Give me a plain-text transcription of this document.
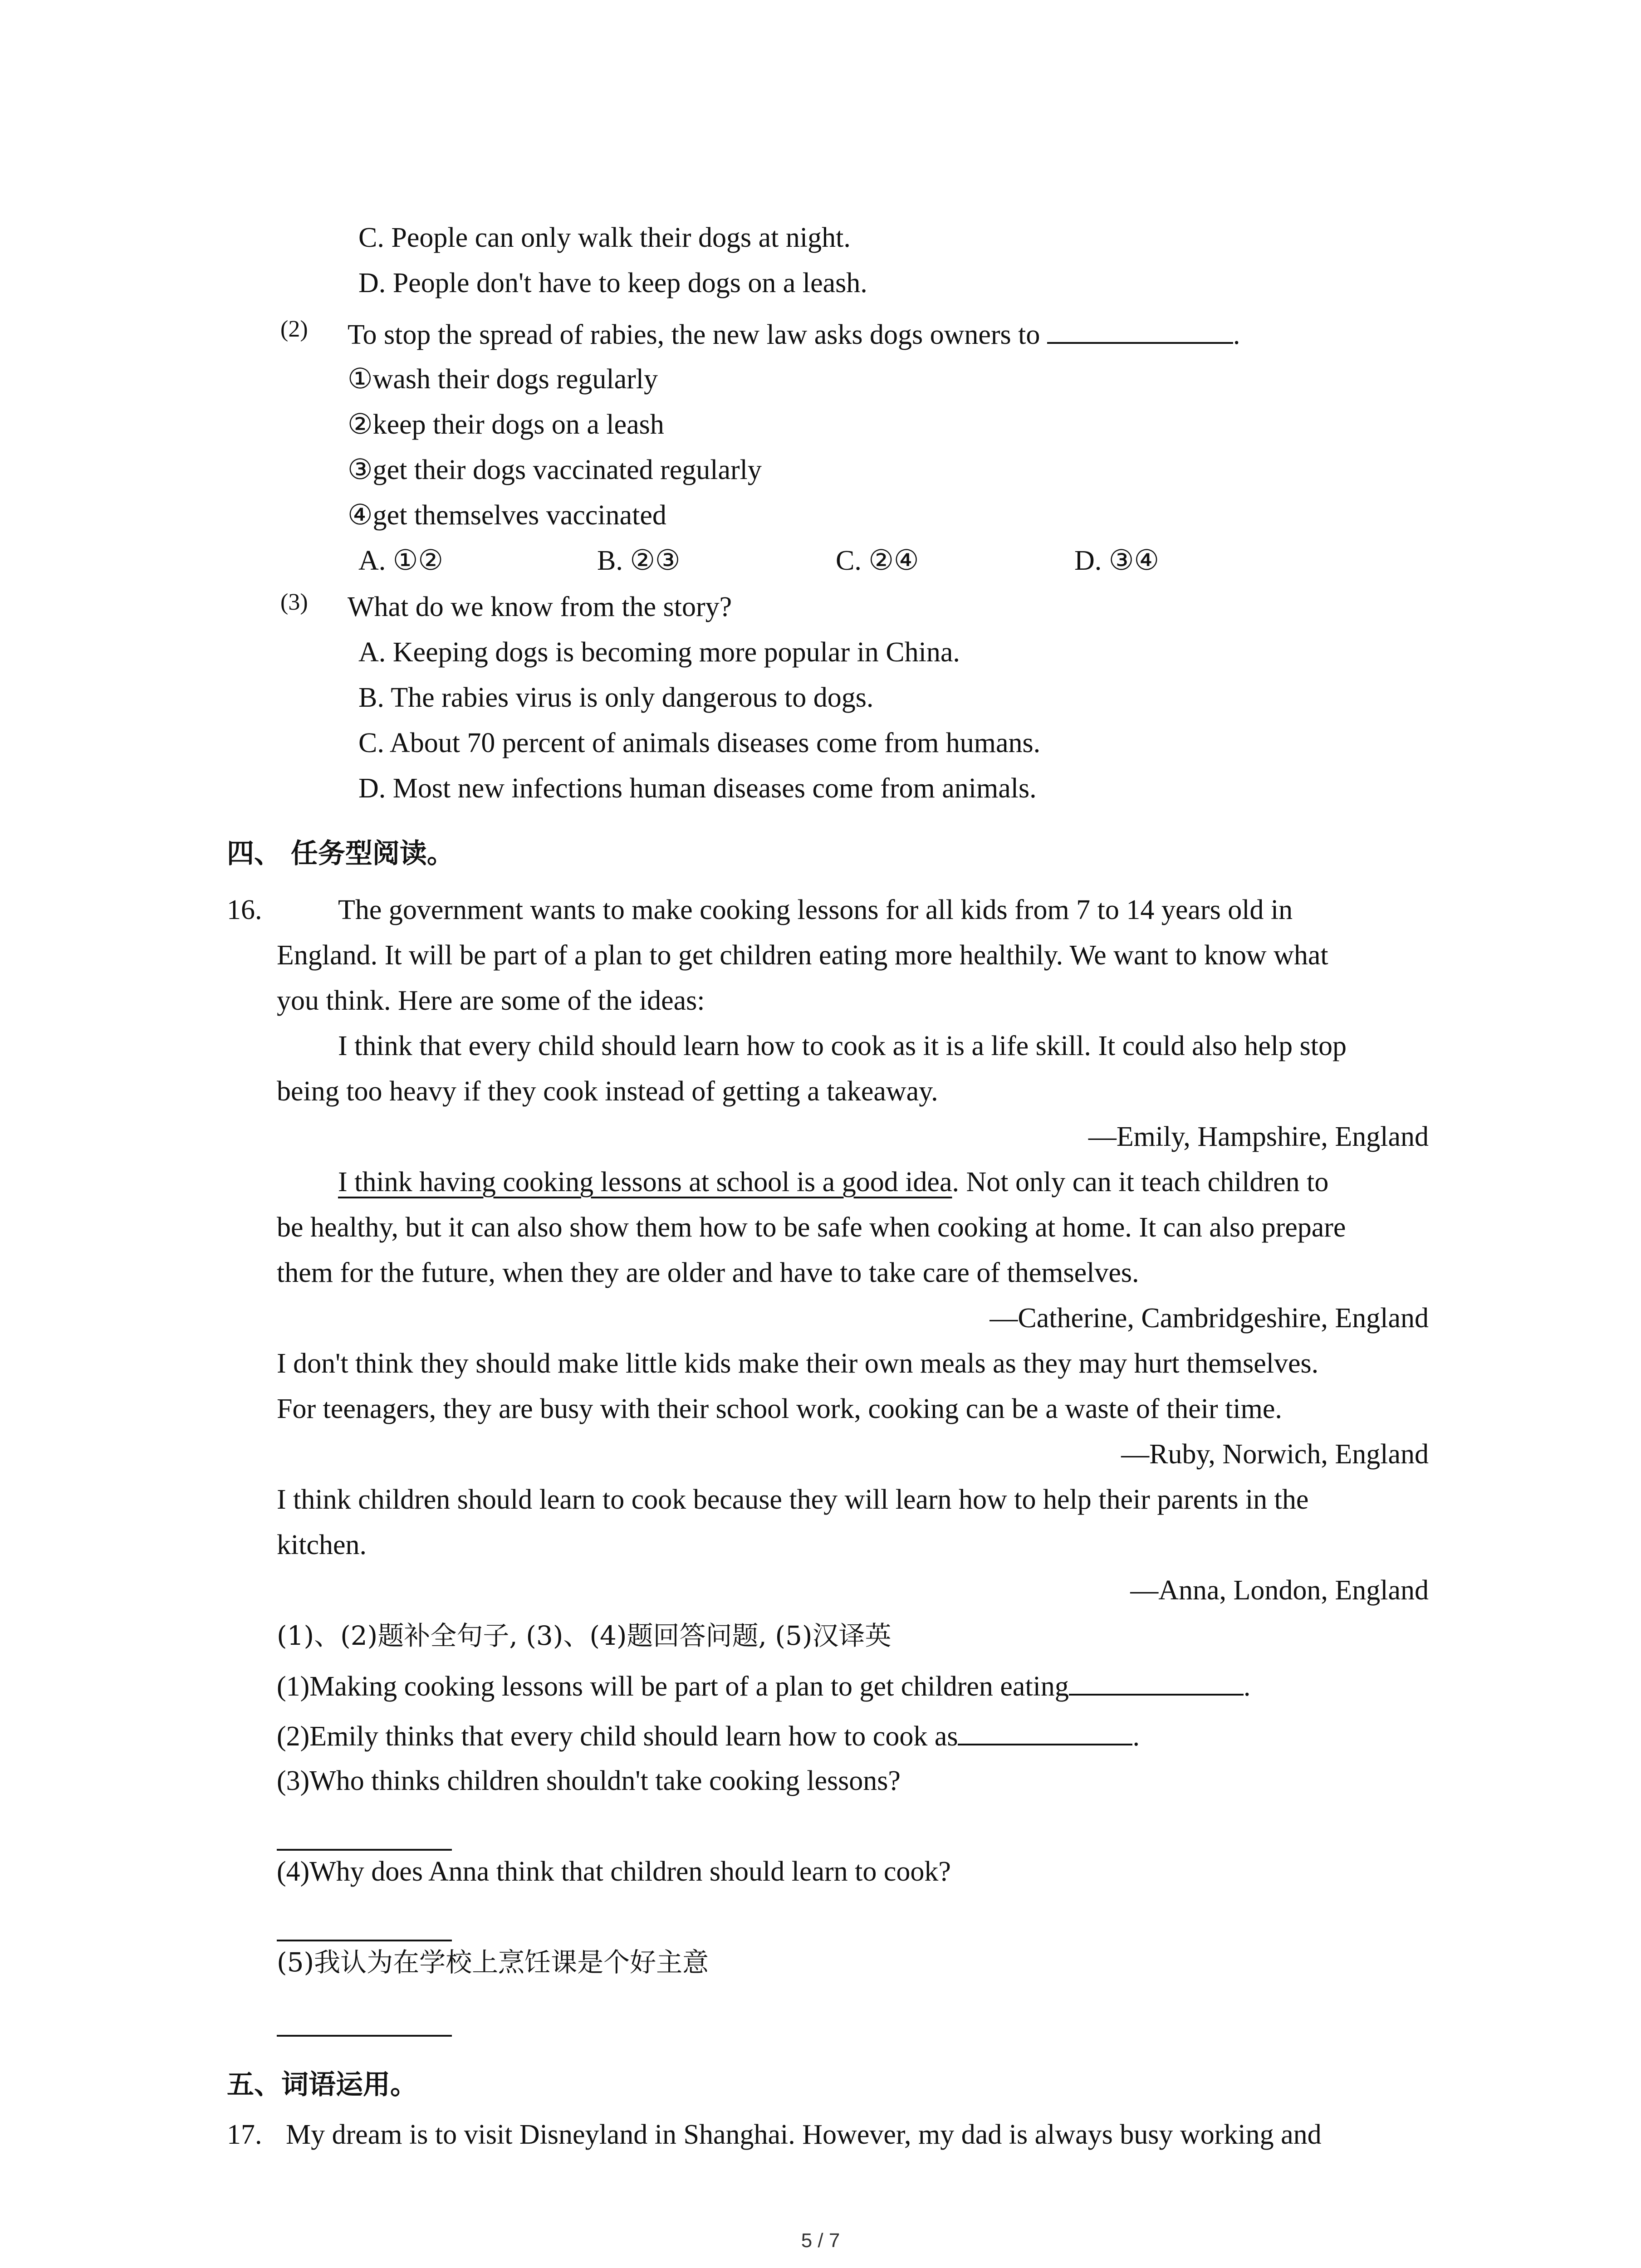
C. People can only walk their dogs at night.
D. People don't have to keep dogs on a leash.
(2) To stop the spread of rabies, the new law asks dogs owners to	.
①wash their dogs regularly
②keep their dogs on a leash
③get their dogs vaccinated regularly
④get themselves vaccinated
A. ①②	B. ②③	C. ②④	D. ③④
(3) What do we know from the story?
A. Keeping dogs is becoming more popular in China.
B. The rabies virus is only dangerous to dogs.
C. About 70 percent of animals diseases come from humans.
D. Most new infections human diseases come from animals.
四、 任务型阅读。
16.	The government wants to make cooking lessons for all kids from 7 to 14 years old in
England. It will be part of a plan to get children eating more healthily. We want to know what
you think. Here are some of the ideas:
I think that every child should learn how to cook as it is a life skill. It could also help stop
being too heavy if they cook instead of getting a takeaway.
—Emily, Hampshire, England
I think having cooking lessons at school is a good idea. Not only can it teach children to
be healthy, but it can also show them how to be safe when cooking at home. It can also prepare
them for the future, when they are older and have to take care of themselves.
—Catherine, Cambridgeshire, England
I don't think they should make little kids make their own meals as they may hurt themselves.
For teenagers, they are busy with their school work, cooking can be a waste of their time.
—Ruby, Norwich, England
I think children should learn to cook because they will learn how to help their parents in the
kitchen.
—Anna, London, England
(1)、(2)题补全句子, (3)、(4)题回答问题, (5)汉译英
(1)Making cooking lessons will be part of a plan to get children eating	.
(2)Emily thinks that every child should learn how to cook as	.
(3)Who thinks children shouldn't take cooking lessons?
(4)Why does Anna think that children should learn to cook?
(5)我认为在学校上烹饪课是个好主意
五、词语运用。
17. My dream is to visit Disneyland in Shanghai. However, my dad is always busy working and
5 / 7
